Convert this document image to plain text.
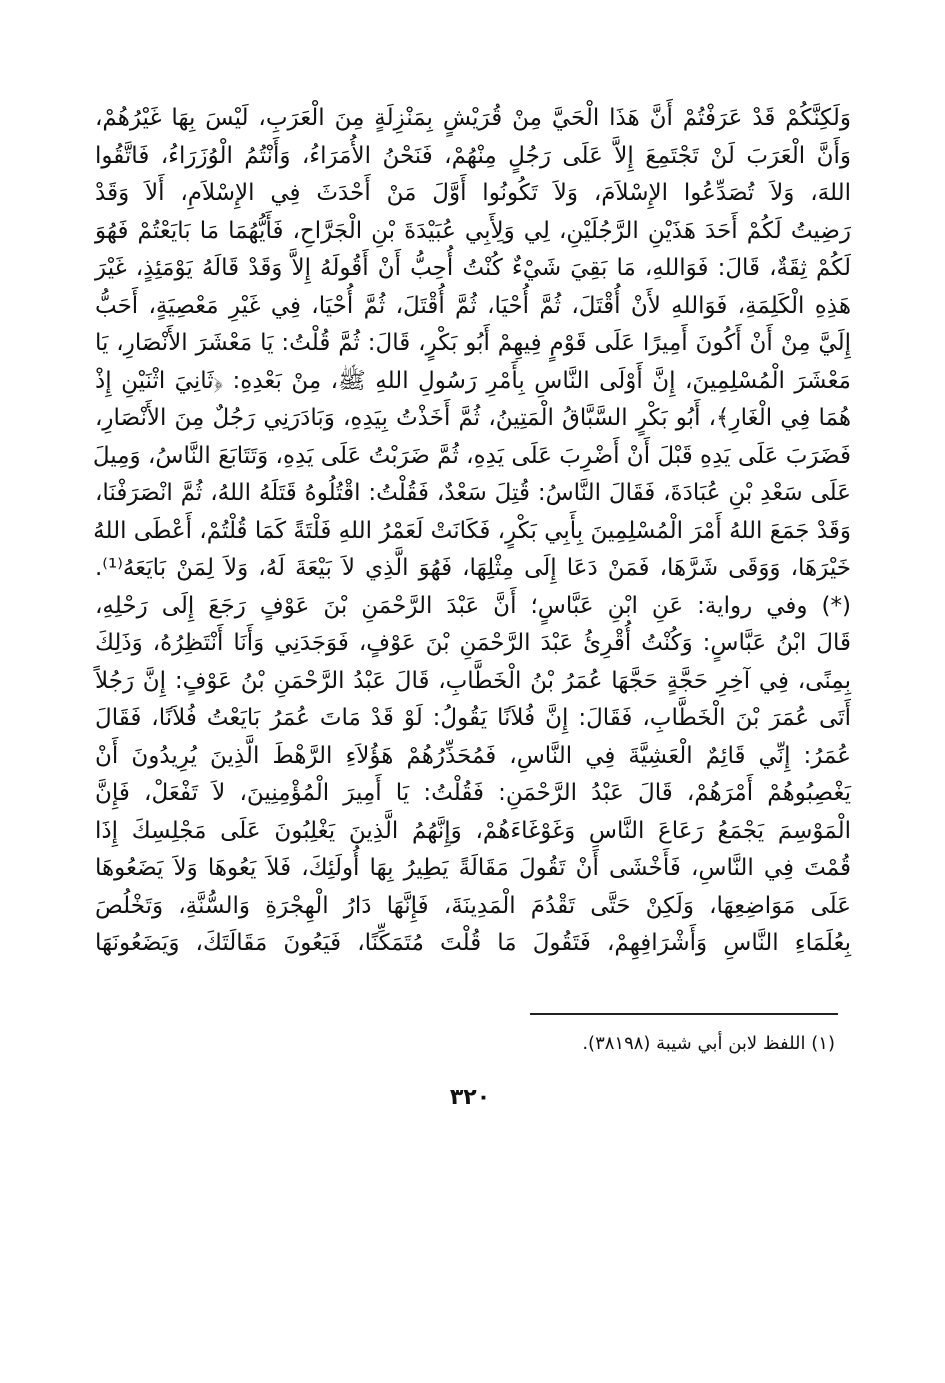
وَلَكِنَّكُمْ قَدْ عَرَفْتُمْ أَنَّ هَذَا الْحَيَّ مِنْ قُرَيْشٍ بِمَنْزِلَةٍ مِنَ الْعَرَبِ، لَيْسَ بِهَا غَيْرُهُمْ،
وَأَنَّ الْعَرَبَ لَنْ تَجْتَمِعَ إِلاَّ عَلَى رَجُلٍ مِنْهُمْ، فَنَحْنُ الأُمَرَاءُ، وَأَنْتُمُ الْوُزَرَاءُ، فَاتَّقُوا
اللهَ، وَلاَ تُصَدِّعُوا الإِسْلاَمَ، وَلاَ تَكُونُوا أَوَّلَ مَنْ أَحْدَثَ فِي الإِسْلاَمِ، أَلاَ وَقَدْ
رَضِيتُ لَكُمْ أَحَدَ هَذَيْنِ الرَّجُلَيْنِ، لِي وَلِأَبِي عُبَيْدَةَ بْنِ الْجَرَّاحِ، فَأَيُّهُمَا مَا بَايَعْتُمْ فَهُوَ
لَكُمْ ثِقَةٌ، قَالَ: فَوَاللهِ، مَا بَقِيَ شَيْءٌ كُنْتُ أُحِبُّ أَنْ أَقُولَهُ إِلاَّ وَقَدْ قَالَهُ يَوْمَئِذٍ، غَيْرَ
هَذِهِ الْكَلِمَةِ، فَوَاللهِ لأَنْ أُقْتَلَ، ثُمَّ أُحْيَا، ثُمَّ أُقْتَلَ، ثُمَّ أُحْيَا، فِي غَيْرِ مَعْصِيَةٍ، أَحَبُّ
إِلَيَّ مِنْ أَنْ أَكُونَ أَمِيرًا عَلَى قَوْمٍ فِيهِمْ أَبُو بَكْرٍ، قَالَ: ثُمَّ قُلْتُ: يَا مَعْشَرَ الأَنْصَارِ، يَا
مَعْشَرَ الْمُسْلِمِينَ، إِنَّ أَوْلَى النَّاسِ بِأَمْرِ رَسُولِ اللهِ ﷺ، مِنْ بَعْدِهِ: ﴿ثَانِيَ اثْنَيْنِ إِذْ
هُمَا فِي الْغَارِ﴾، أَبُو بَكْرٍ السَّبَّاقُ الْمَتِينُ، ثُمَّ أَخَذْتُ بِيَدِهِ، وَبَادَرَنِي رَجُلٌ مِنَ الأَنْصَارِ،
فَضَرَبَ عَلَى يَدِهِ قَبْلَ أَنْ أَضْرِبَ عَلَى يَدِهِ، ثُمَّ ضَرَبْتُ عَلَى يَدِهِ، وَتَتَابَعَ النَّاسُ، وَمِيلَ
عَلَى سَعْدِ بْنِ عُبَادَةَ، فَقَالَ النَّاسُ: قُتِلَ سَعْدٌ، فَقُلْتُ: اقْتُلُوهُ قَتَلَهُ اللهُ، ثُمَّ انْصَرَفْنَا،
وَقَدْ جَمَعَ اللهُ أَمْرَ الْمُسْلِمِينَ بِأَبِي بَكْرٍ، فَكَانَتْ لَعَمْرُ اللهِ فَلْتَةً كَمَا قُلْتُمْ، أَعْطَى اللهُ
خَيْرَهَا، وَوَقَى شَرَّهَا، فَمَنْ دَعَا إِلَى مِثْلِهَا، فَهُوَ الَّذِي لاَ بَيْعَةَ لَهُ، وَلاَ لِمَنْ بَايَعَهُ⁽¹⁾.
(*) وفي رواية: عَنِ ابْنِ عَبَّاسٍ؛ أَنَّ عَبْدَ الرَّحْمَنِ بْنَ عَوْفٍ رَجَعَ إِلَى رَحْلِهِ،
قَالَ ابْنُ عَبَّاسٍ: وَكُنْتُ أُقْرِئُ عَبْدَ الرَّحْمَنِ بْنَ عَوْفٍ، فَوَجَدَنِي وَأَنَا أَنْتَظِرُهُ، وَذَلِكَ
بِمِنًى، فِي آخِرِ حَجَّةٍ حَجَّهَا عُمَرُ بْنُ الْخَطَّابِ، قَالَ عَبْدُ الرَّحْمَنِ بْنُ عَوْفٍ: إِنَّ رَجُلاً
أَتَى عُمَرَ بْنَ الْخَطَّابِ، فَقَالَ: إِنَّ فُلاَنًا يَقُولُ: لَوْ قَدْ مَاتَ عُمَرُ بَايَعْتُ فُلاَنًا، فَقَالَ
عُمَرُ: إِنِّي قَائِمٌ الْعَشِيَّةَ فِي النَّاسِ، فَمُحَذِّرُهُمْ هَؤُلاَءِ الرَّهْطَ الَّذِينَ يُرِيدُونَ أَنْ
يَغْصِبُوهُمْ أَمْرَهُمْ، قَالَ عَبْدُ الرَّحْمَنِ: فَقُلْتُ: يَا أَمِيرَ الْمُؤْمِنِينَ، لاَ تَفْعَلْ، فَإِنَّ
الْمَوْسِمَ يَجْمَعُ رَعَاعَ النَّاسِ وَغَوْغَاءَهُمْ، وَإِنَّهُمُ الَّذِينَ يَغْلِبُونَ عَلَى مَجْلِسِكَ إِذَا
قُمْتَ فِي النَّاسِ، فَأَخْشَى أَنْ تَقُولَ مَقَالَةً يَطِيرُ بِهَا أُولَئِكَ، فَلاَ يَعُوهَا وَلاَ يَضَعُوهَا
عَلَى مَوَاضِعِهَا، وَلَكِنْ حَتَّى تَقْدُمَ الْمَدِينَةَ، فَإِنَّهَا دَارُ الْهِجْرَةِ وَالسُّنَّةِ، وَتَخْلُصَ
بِعُلَمَاءِ النَّاسِ وَأَشْرَافِهِمْ، فَتَقُولَ مَا قُلْتَ مُتَمَكِّنًا، فَيَعُونَ مَقَالَتَكَ، وَيَضَعُونَهَا
(١) اللفظ لابن أبي شيبة (٣٨١٩٨).
٣٢٠
